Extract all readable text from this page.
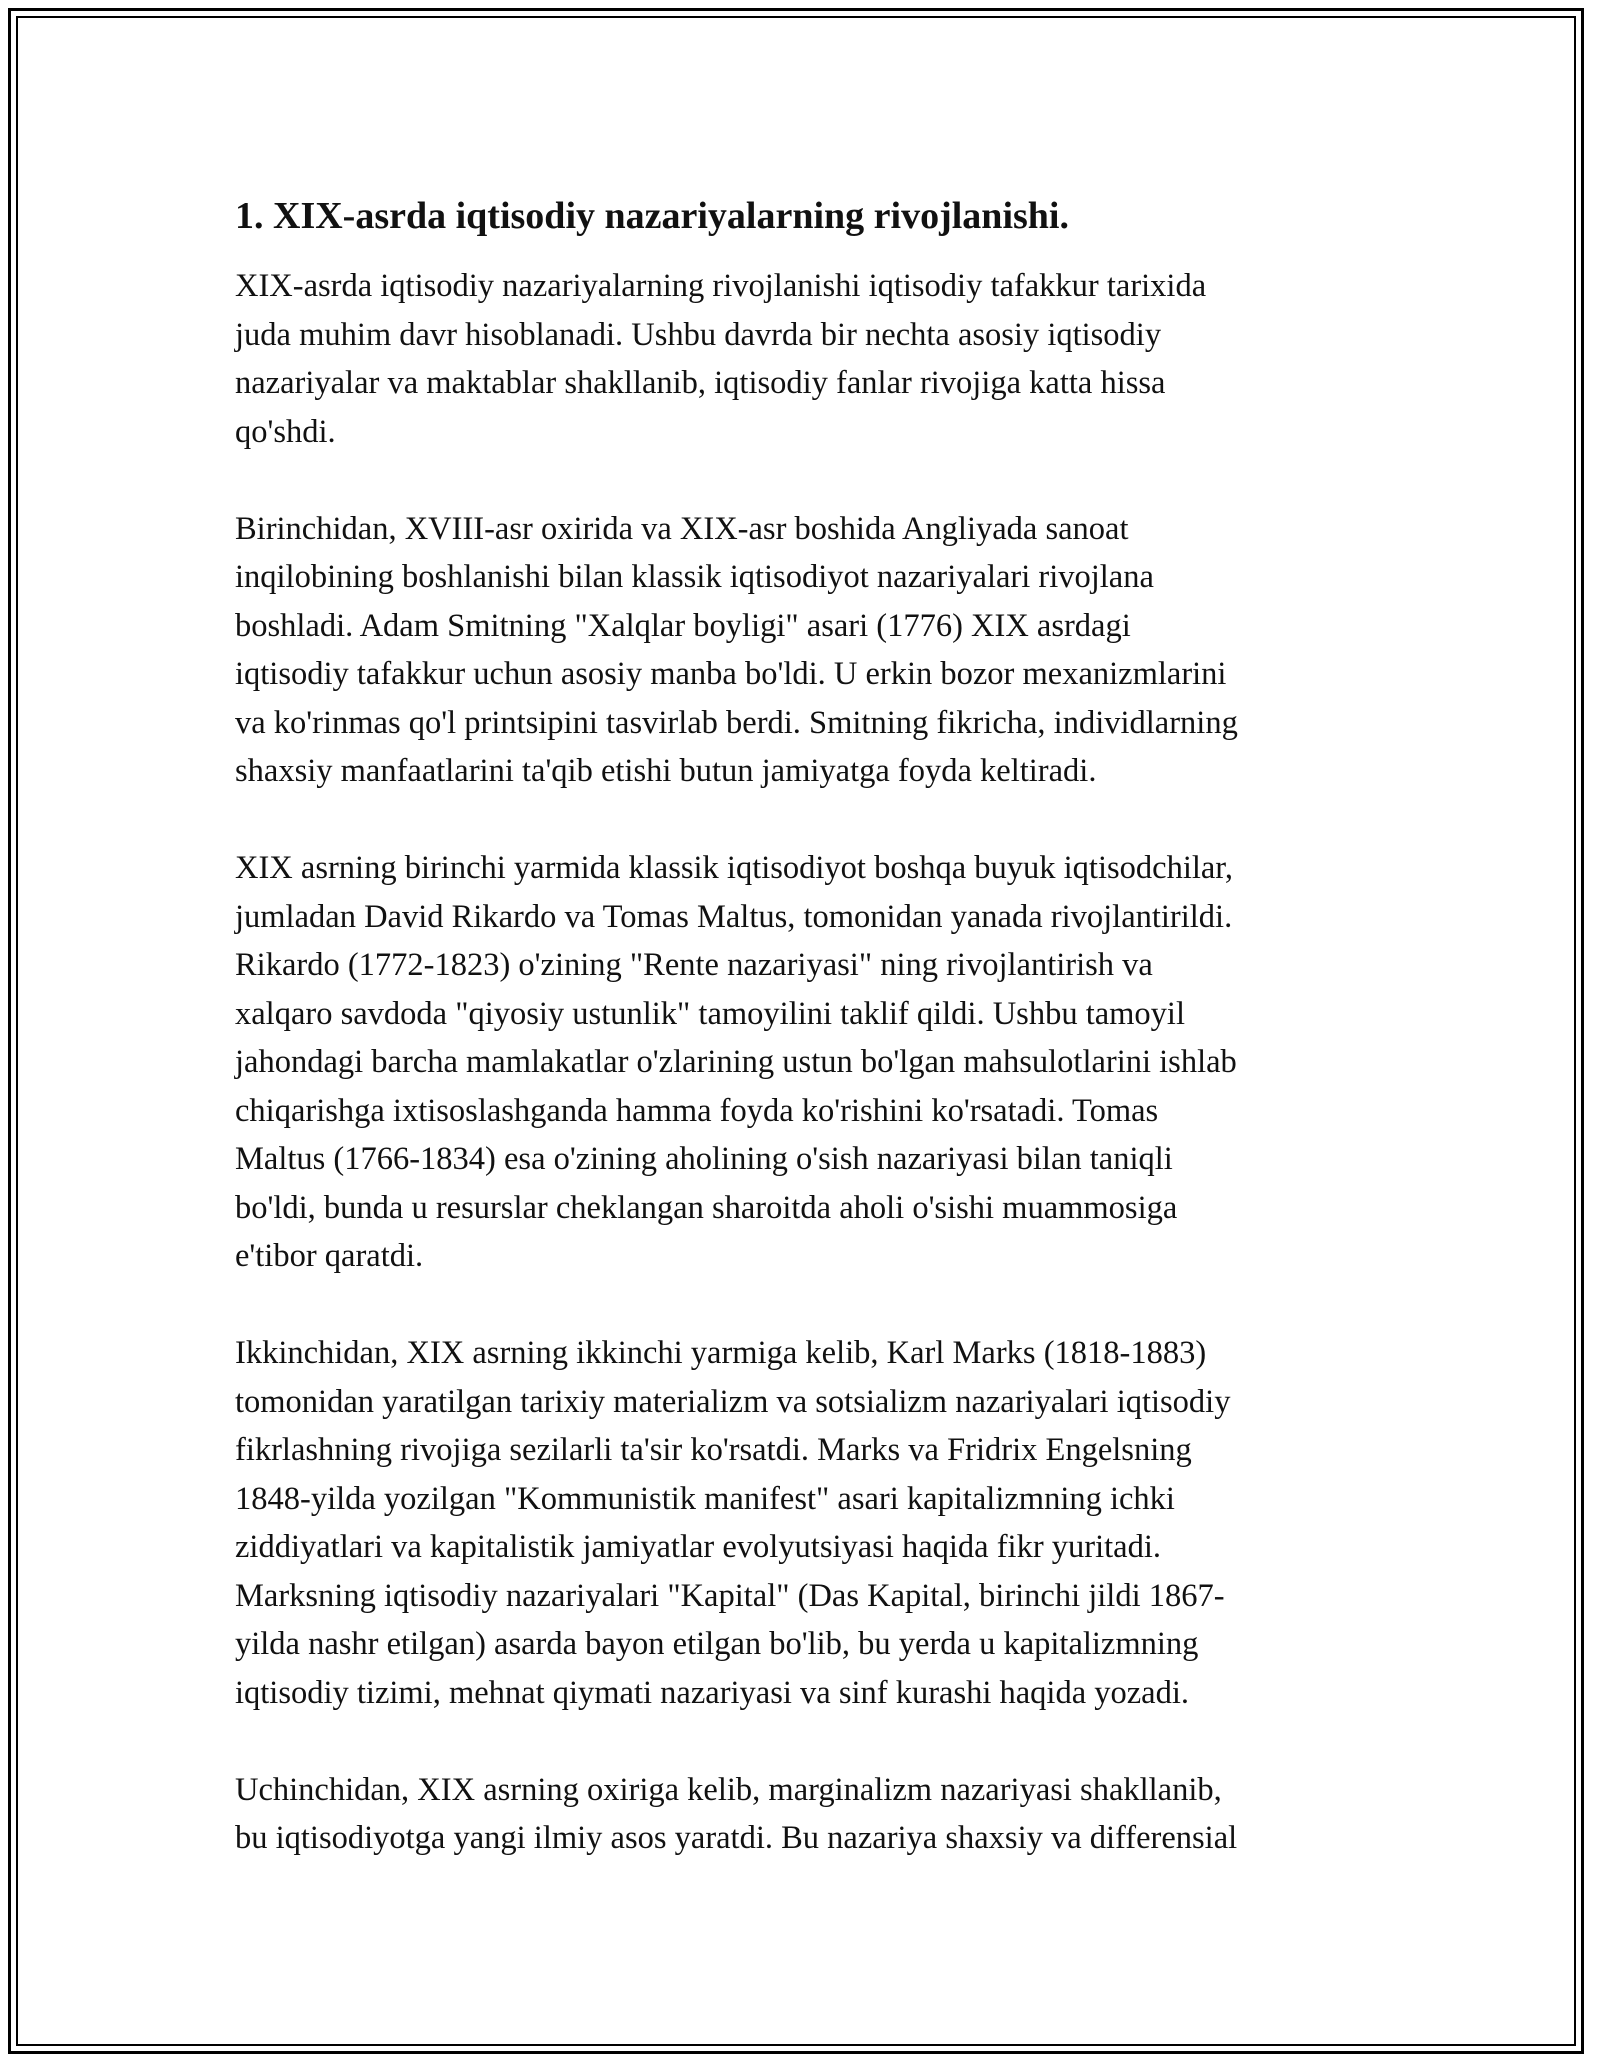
1. XIX-asrda iqtisodiy nazariyalarning rivojlanishi.

XIX-asrda iqtisodiy nazariyalarning rivojlanishi iqtisodiy tafakkur tarixida
juda muhim davr hisoblanadi. Ushbu davrda bir nechta asosiy iqtisodiy
nazariyalar va maktablar shakllanib, iqtisodiy fanlar rivojiga katta hissa
qo'shdi.

Birinchidan, XVIII-asr oxirida va XIX-asr boshida Angliyada sanoat
inqilobining boshlanishi bilan klassik iqtisodiyot nazariyalari rivojlana
boshladi. Adam Smitning "Xalqlar boyligi" asari (1776) XIX asrdagi
iqtisodiy tafakkur uchun asosiy manba bo'ldi. U erkin bozor mexanizmlarini
va ko'rinmas qo'l printsipini tasvirlab berdi. Smitning fikricha, individlarning
shaxsiy manfaatlarini ta'qib etishi butun jamiyatga foyda keltiradi.

XIX asrning birinchi yarmida klassik iqtisodiyot boshqa buyuk iqtisodchilar,
jumladan David Rikardo va Tomas Maltus, tomonidan yanada rivojlantirildi.
Rikardo (1772-1823) o'zining "Rente nazariyasi" ning rivojlantirish va
xalqaro savdoda "qiyosiy ustunlik" tamoyilini taklif qildi. Ushbu tamoyil
jahondagi barcha mamlakatlar o'zlarining ustun bo'lgan mahsulotlarini ishlab
chiqarishga ixtisoslashganda hamma foyda ko'rishini ko'rsatadi. Tomas
Maltus (1766-1834) esa o'zining aholining o'sish nazariyasi bilan taniqli
bo'ldi, bunda u resurslar cheklangan sharoitda aholi o'sishi muammosiga
e'tibor qaratdi.

Ikkinchidan, XIX asrning ikkinchi yarmiga kelib, Karl Marks (1818-1883)
tomonidan yaratilgan tarixiy materializm va sotsializm nazariyalari iqtisodiy
fikrlashning rivojiga sezilarli ta'sir ko'rsatdi. Marks va Fridrix Engelsning
1848-yilda yozilgan "Kommunistik manifest" asari kapitalizmning ichki
ziddiyatlari va kapitalistik jamiyatlar evolyutsiyasi haqida fikr yuritadi.
Marksning iqtisodiy nazariyalari "Kapital" (Das Kapital, birinchi jildi 1867-
yilda nashr etilgan) asarda bayon etilgan bo'lib, bu yerda u kapitalizmning
iqtisodiy tizimi, mehnat qiymati nazariyasi va sinf kurashi haqida yozadi.

Uchinchidan, XIX asrning oxiriga kelib, marginalizm nazariyasi shakllanib,
bu iqtisodiyotga yangi ilmiy asos yaratdi. Bu nazariya shaxsiy va differensial
